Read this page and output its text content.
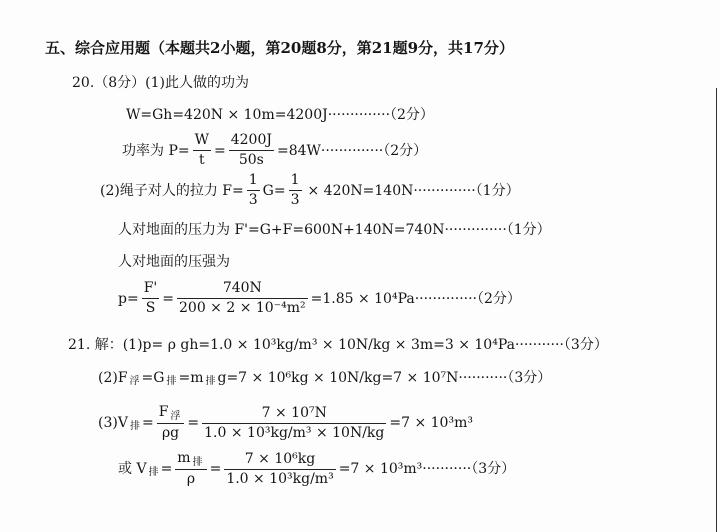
五、综合应用题（本题共2小题，第20题8分，第21题9分，共17分）
20.（8分）(1)此人做的功为
W=Gh=420N × 10m=4200J··············（2分）
功率为 $P= \frac{W}{t} = \frac{4200J}{50s} =84W\cdot\cdot\cdot\cdot\cdot\cdot\cdot\cdot\cdot\cdot\cdot\cdot\cdot\cdot(2$分）
(2)绳子对人的拉力 $F= \frac{1}{3} G= \frac{1}{3} \times 420N=140N\cdot\cdot\cdot\cdot\cdot\cdot\cdot\cdot\cdot\cdot\cdot\cdot\cdot\cdot(1$分）
人对地面的压力为 F'=G+F=600N+140N=740N··············（1分）
人对地面的压强为
$p= \frac{F'}{S} = \frac{740N}{\text{200 × 2 × 10⁻⁴m²}} =1.85 \times 10^4Pa\cdot\cdot\cdot\cdot\cdot\cdot\cdot\cdot\cdot\cdot\cdot\cdot\cdot\cdot(2$分）
21. 解：(1)p= ρ gh=1.0 × 10³kg/m³ × 10N/kg × 3m=3 × 10⁴Pa···········（3分）
(2)F 浮 =G 排 =m 排 g=7 × 10⁶kg × 10N/kg=7 × 10⁷N···········（3分）
(3)V 排 = $\frac{F _浮}{\rho g} = \frac{\text{7 × 10⁷N}}{\text{1.0 × 10³kg/m³ × 10N/kg}} =7 \times 10^3m^3$
或 V 排 = $\frac{m _排}{\rho} = \frac{\text{7 × 10⁶kg}}{\text{1.0 × 10³kg/m³}} =7 \times 10^3m^3\cdot\cdot\cdot\cdot\cdot\cdot\cdot\cdot\cdot\cdot\cdot(3$分）
